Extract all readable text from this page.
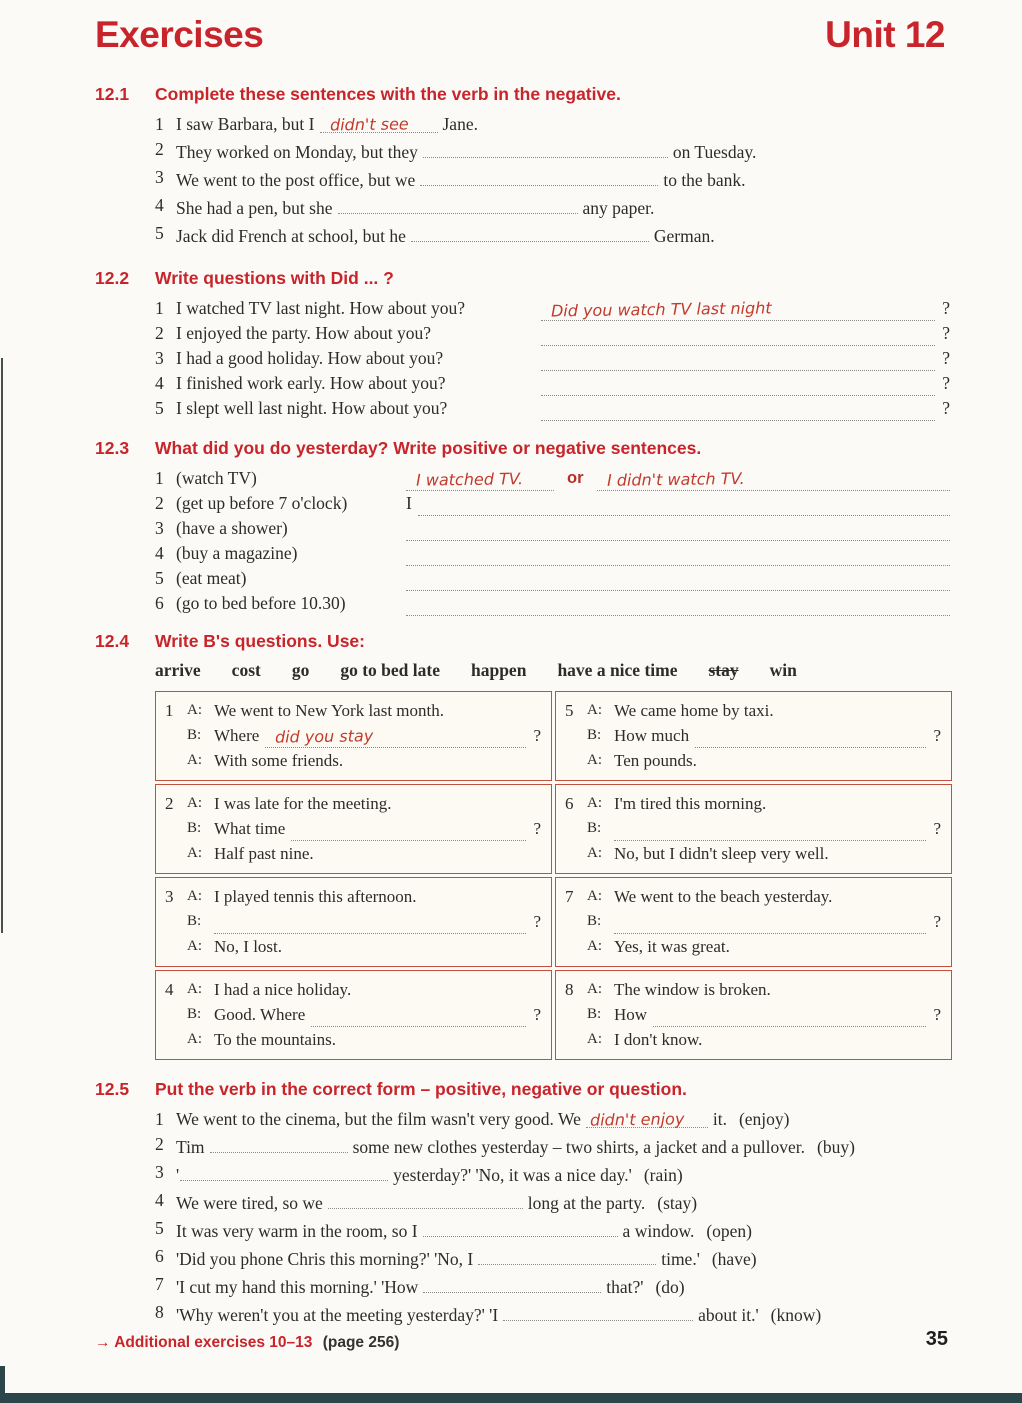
Exercises	Unit 12
12.1	Complete these sentences with the verb in the negative.
1 I saw Barbara, but I didn't see Jane.
2 They worked on Monday, but they	on Tuesday.
3 We went to the post office, but we	to the bank.
4 She had a pen, but she	any paper.
5 Jack did French at school, but he	German.
12.2	Write questions with Did ... ?
1 I watched TV last night. How about you?	Did you watch TV last night	?
2 I enjoyed the party. How about you?	?
3 I had a good holiday. How about you?	?
4 I finished work early. How about you?	?
5 I slept well last night. How about you?	?
12.3	What did you do yesterday? Write positive or negative sentences.
1 (watch TV)	I watched TV.	or	I didn't watch TV.
2 (get up before 7 o'clock)	I
3 (have a shower)
4 (buy a magazine)
5 (eat meat)
6 (go to bed before 10.30)
12.4	Write B's questions. Use:
arrive cost go go to bed late happen have a nice time stay win
1 A: We went to New York last month.
B: Where did you stay	?
A: With some friends.
5 A: We came home by taxi.
B: How much	?
A: Ten pounds.
2 A: I was late for the meeting.
B: What time	?
A: Half past nine.
6 A: I'm tired this morning.
B:	?
A: No, but I didn't sleep very well.
3 A: I played tennis this afternoon.
B:	?
A: No, I lost.
7 A: We went to the beach yesterday.
B:	?
A: Yes, it was great.
4 A: I had a nice holiday.
B: Good. Where	?
A: To the mountains.
8 A: The window is broken.
B: How	?
A: I don't know.
12.5	Put the verb in the correct form – positive, negative or question.
1 We went to the cinema, but the film wasn't very good. We didn't enjoy it. (enjoy)
2 Tim	some new clothes yesterday – two shirts, a jacket and a pullover. (buy)
3 '	yesterday?' 'No, it was a nice day.' (rain)
4 We were tired, so we	long at the party. (stay)
5 It was very warm in the room, so I	a window. (open)
6 'Did you phone Chris this morning?' 'No, I	time.' (have)
7 'I cut my hand this morning.' 'How	that?' (do)
8 'Why weren't you at the meeting yesterday?' 'I	about it.' (know)
→ Additional exercises 10–13 (page 256)	35
